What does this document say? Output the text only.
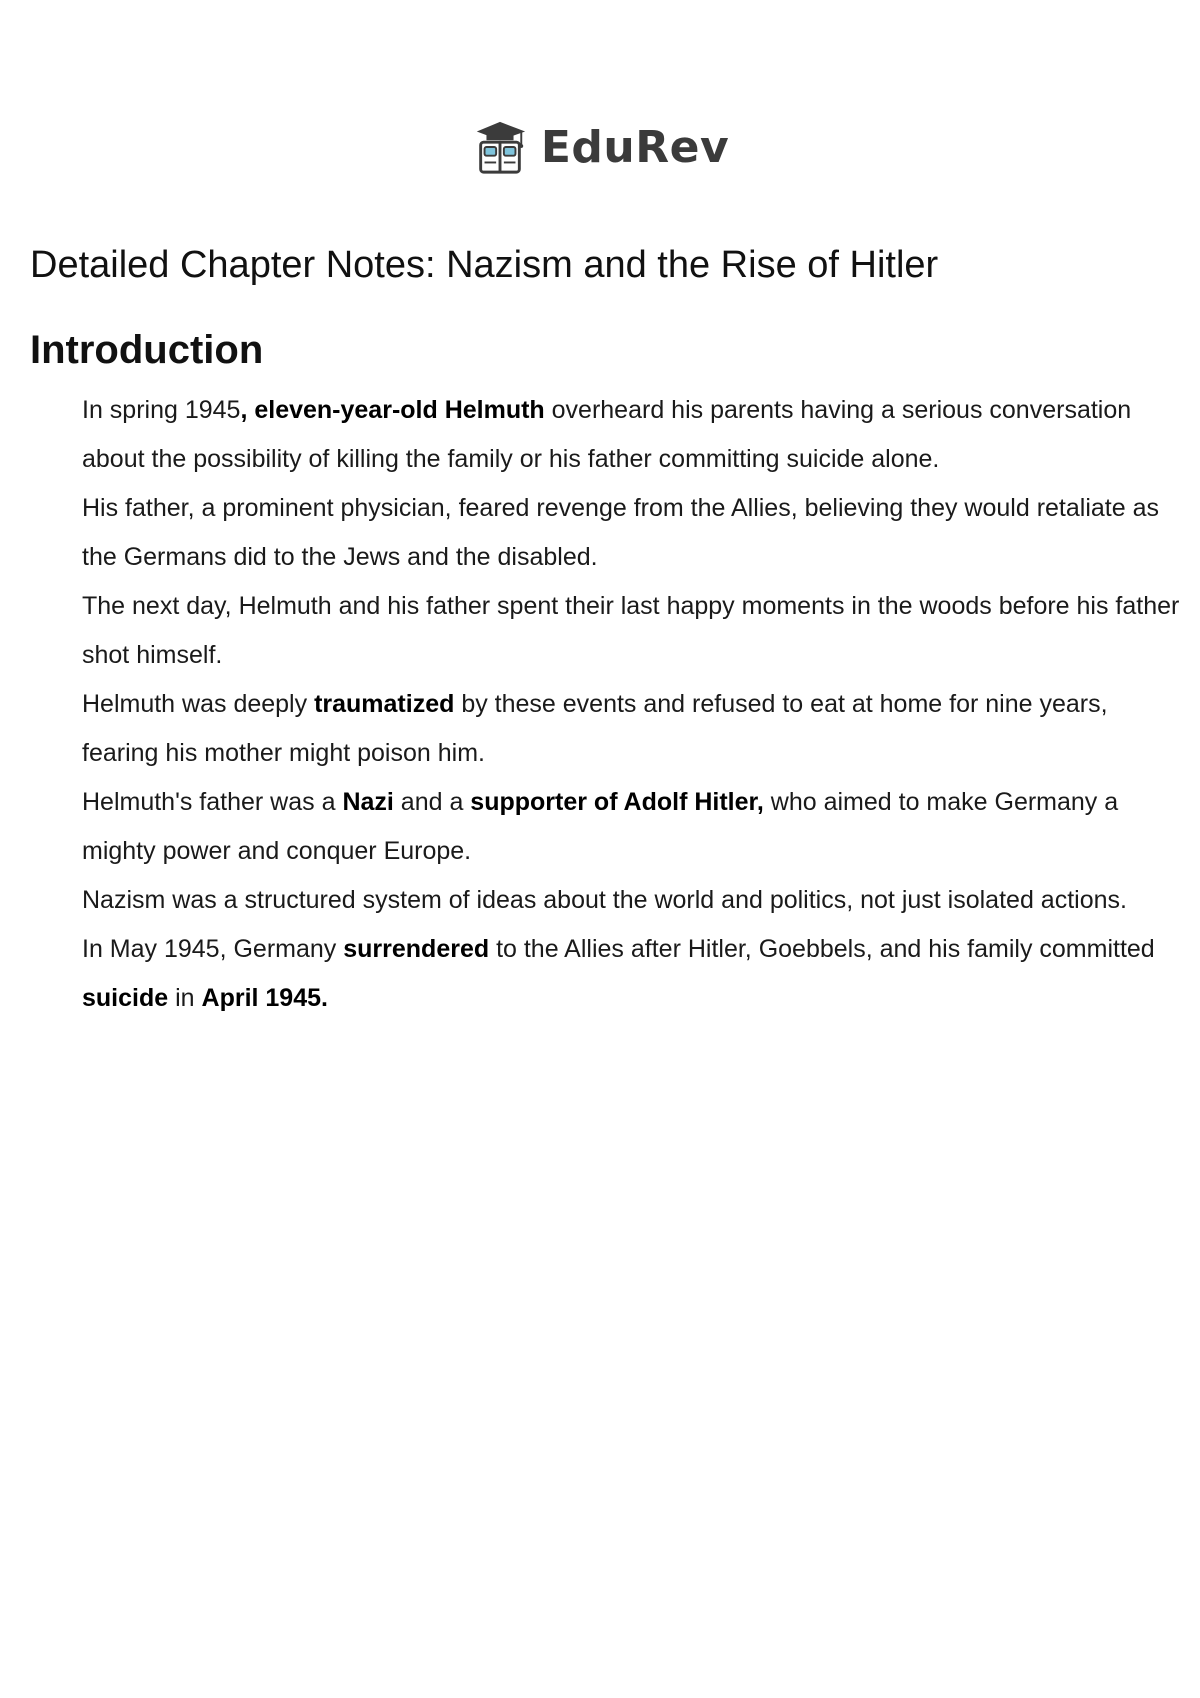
EduRev
Detailed Chapter Notes: Nazism and the Rise of Hitler
Introduction
In spring 1945, eleven-year-old Helmuth overheard his parents having a serious conversation about the possibility of killing the family or his father committing suicide alone.
His father, a prominent physician, feared revenge from the Allies, believing they would retaliate as the Germans did to the Jews and the disabled.
The next day, Helmuth and his father spent their last happy moments in the woods before his father shot himself.
Helmuth was deeply traumatized by these events and refused to eat at home for nine years, fearing his mother might poison him.
Helmuth's father was a Nazi and a supporter of Adolf Hitler, who aimed to make Germany a mighty power and conquer Europe.
Nazism was a structured system of ideas about the world and politics, not just isolated actions.
In May 1945, Germany surrendered to the Allies after Hitler, Goebbels, and his family committed suicide in April 1945.
